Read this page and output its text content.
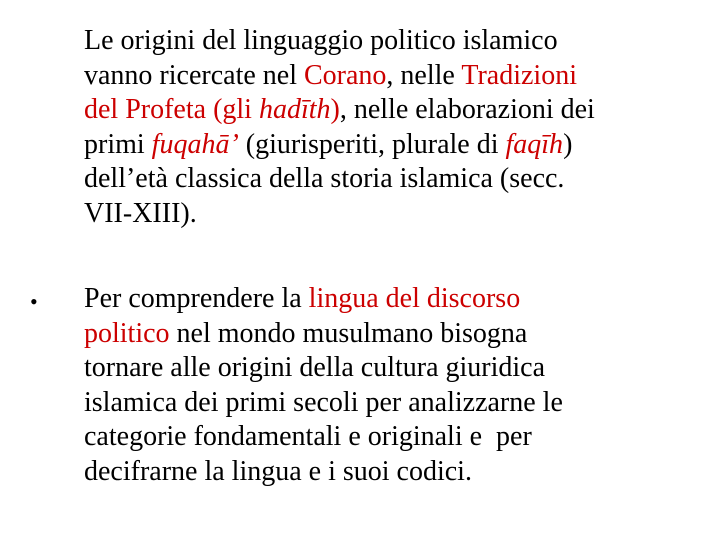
Le origini del linguaggio politico islamico
vanno ricercate nel Corano, nelle Tradizioni
del Profeta (gli hadīth), nelle elaborazioni dei
primi fuqahā’ (giurisperiti, plurale di faqīh)
dell’età classica della storia islamica (secc.
VII-XIII).

• Per comprendere la lingua del discorso
politico nel mondo musulmano bisogna
tornare alle origini della cultura giuridica
islamica dei primi secoli per analizzarne le
categorie fondamentali e originali e  per
decifrarne la lingua e i suoi codici.
